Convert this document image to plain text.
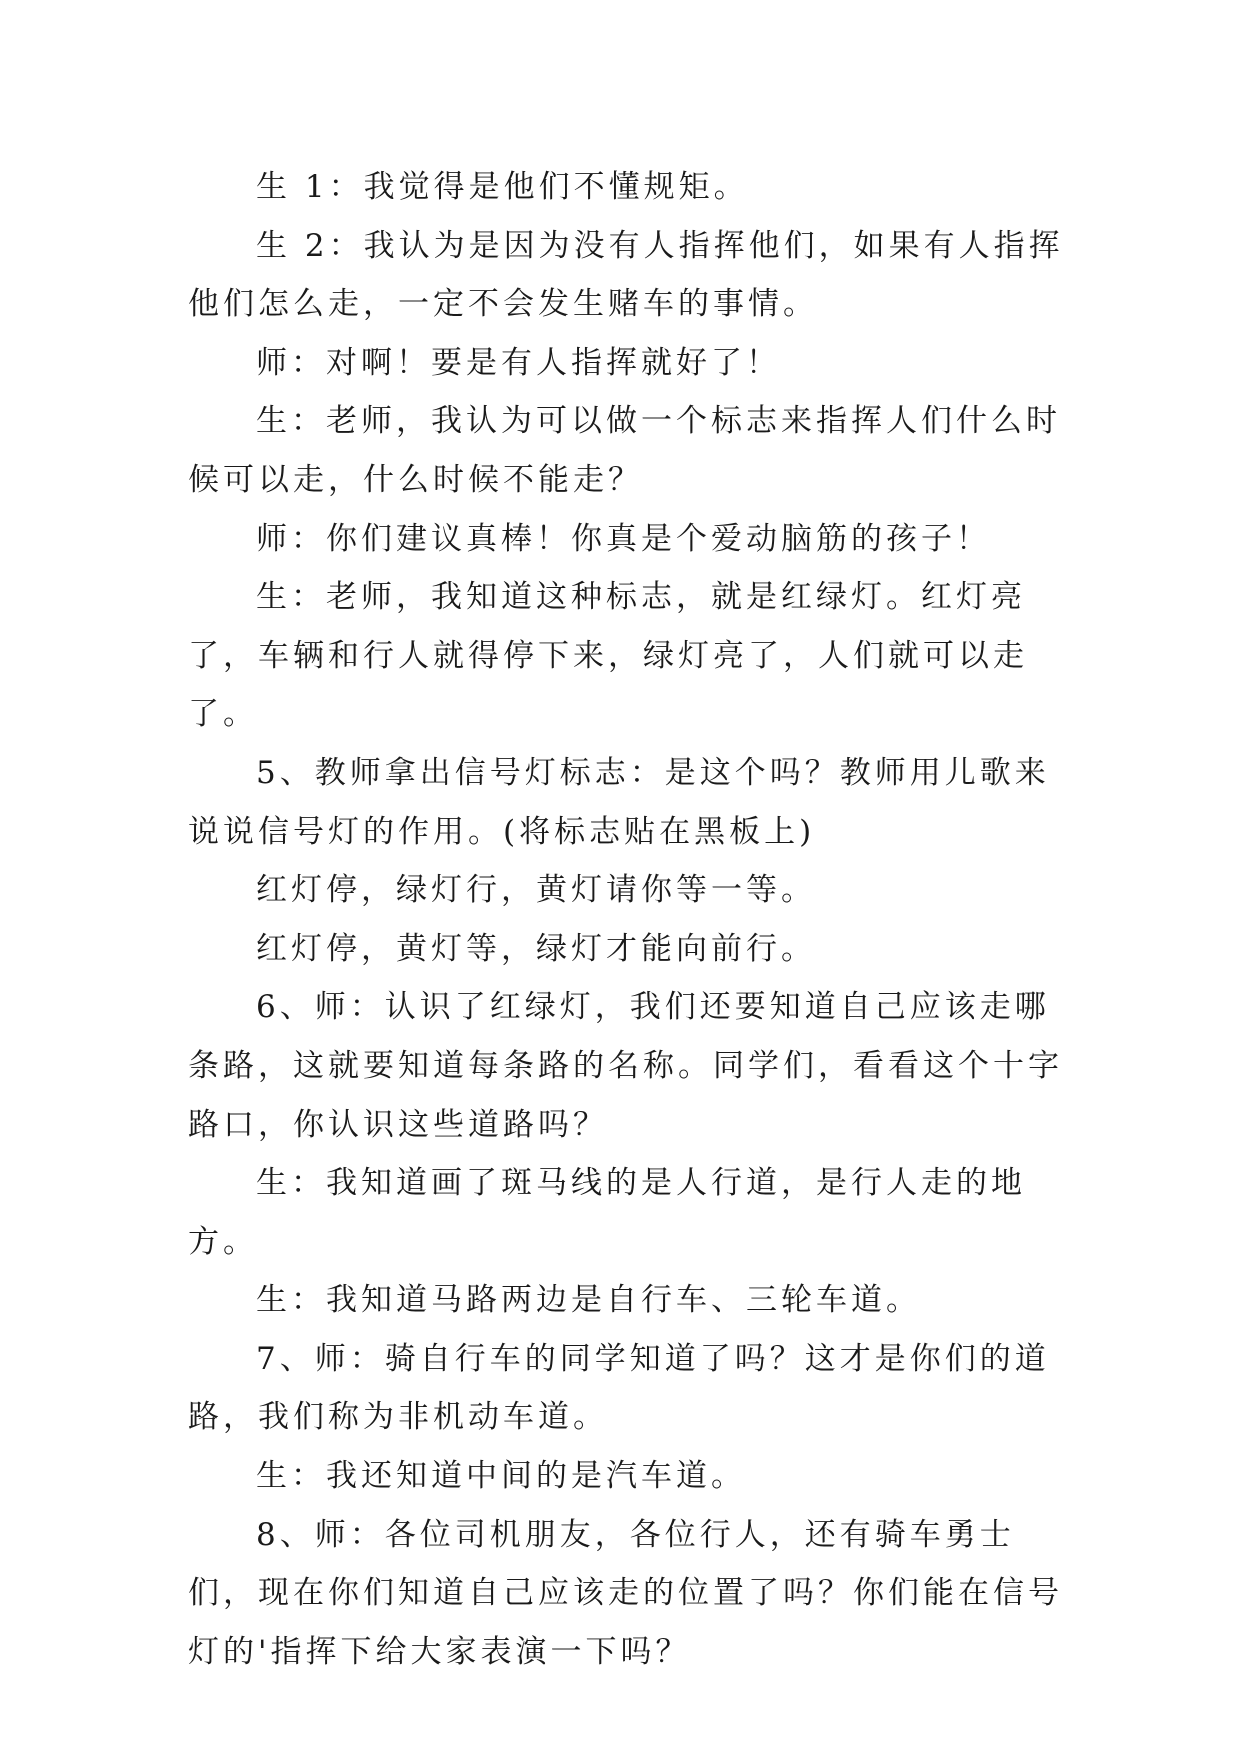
生 1：我觉得是他们不懂规矩。

生 2：我认为是因为没有人指挥他们，如果有人指挥他们怎么走，一定不会发生赌车的事情。

师：对啊！要是有人指挥就好了！

生：老师，我认为可以做一个标志来指挥人们什么时候可以走，什么时候不能走？

师：你们建议真棒！你真是个爱动脑筋的孩子！

生：老师，我知道这种标志，就是红绿灯。红灯亮了，车辆和行人就得停下来，绿灯亮了，人们就可以走了。

5、教师拿出信号灯标志：是这个吗？教师用儿歌来说说信号灯的作用。(将标志贴在黑板上)

红灯停，绿灯行，黄灯请你等一等。

红灯停，黄灯等，绿灯才能向前行。

6、师：认识了红绿灯，我们还要知道自己应该走哪条路，这就要知道每条路的名称。同学们，看看这个十字路口，你认识这些道路吗？

生：我知道画了斑马线的是人行道，是行人走的地方。

生：我知道马路两边是自行车、三轮车道。

7、师：骑自行车的同学知道了吗？这才是你们的道路，我们称为非机动车道。

生：我还知道中间的是汽车道。

8、师：各位司机朋友，各位行人，还有骑车勇士们，现在你们知道自己应该走的位置了吗？你们能在信号灯的'指挥下给大家表演一下吗？
